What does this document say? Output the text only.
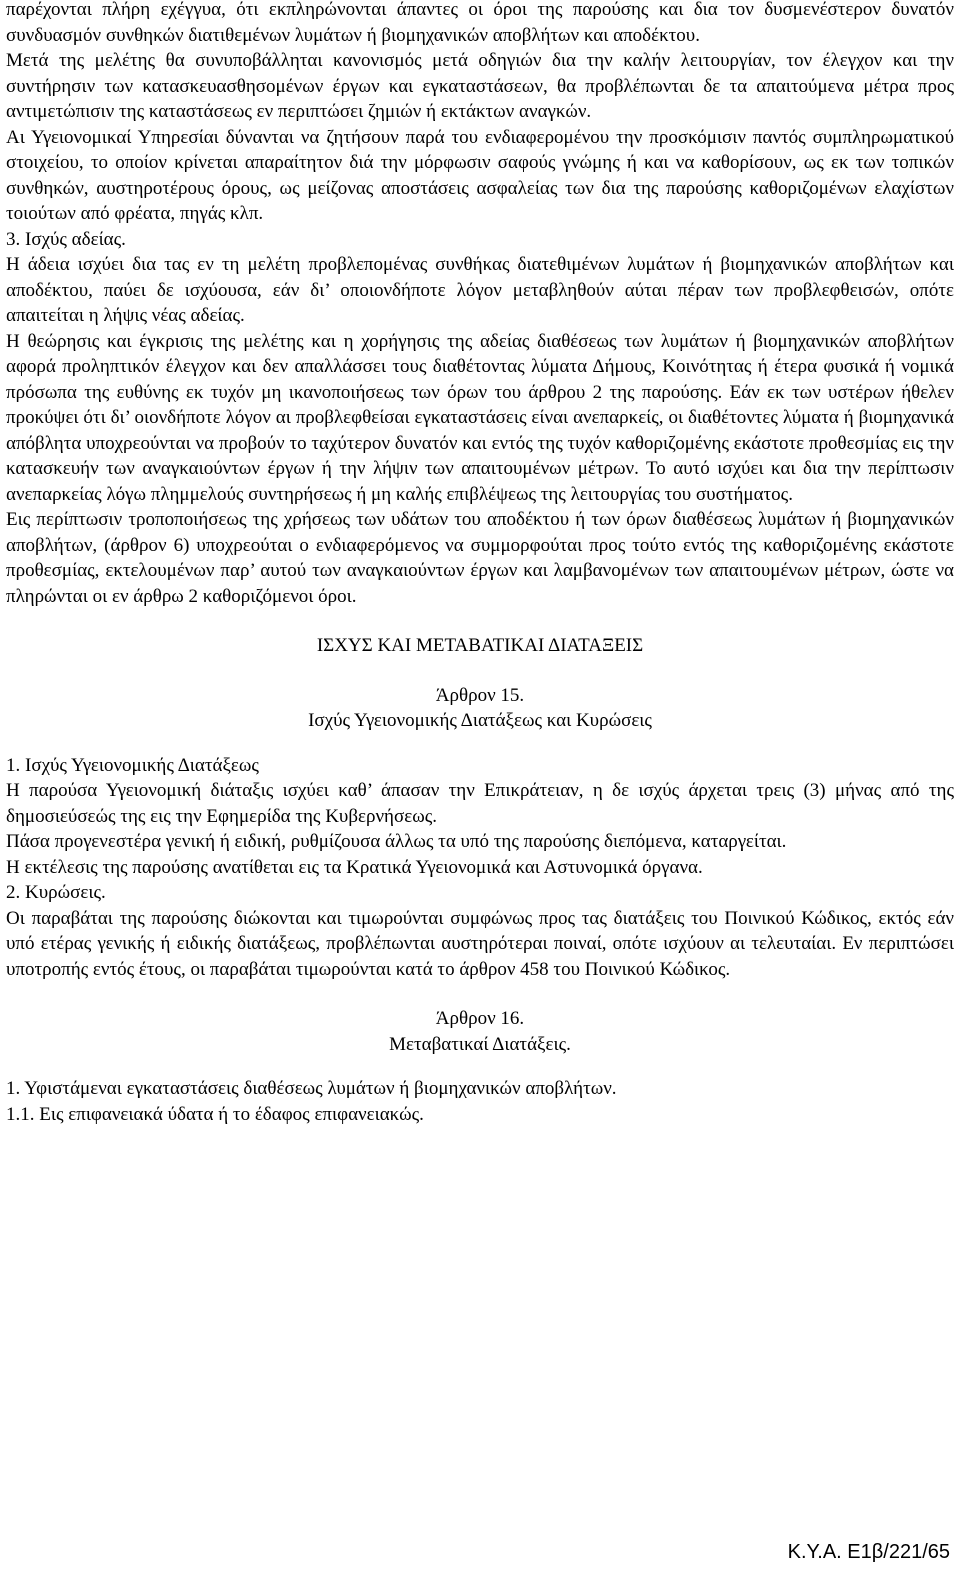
παρέχονται πλήρη εχέγγυα, ότι εκπληρώνονται άπαντες οι όροι της παρούσης και δια τον δυσμενέστερον δυνατόν συνδυασμόν συνθηκών διατιθεμένων λυμάτων ή βιομηχανικών αποβλήτων και αποδέκτου.

Μετά της μελέτης θα συνυποβάλληται κανονισμός μετά οδηγιών δια την καλήν λειτουργίαν, τον έλεγχον και την συντήρησιν των κατασκευασθησομένων έργων και εγκαταστάσεων, θα προβλέπωνται δε τα απαιτούμενα μέτρα προς αντιμετώπισιν της καταστάσεως εν περιπτώσει ζημιών ή εκτάκτων αναγκών.

Αι Υγειονομικαί Υπηρεσίαι δύνανται να ζητήσουν παρά του ενδιαφερομένου την προσκόμισιν παντός συμπληρωματικού στοιχείου, το οποίον κρίνεται απαραίτητον διά την μόρφωσιν σαφούς γνώμης ή και να καθορίσουν, ως εκ των τοπικών συνθηκών, αυστηροτέρους όρους, ως μείζονας αποστάσεις ασφαλείας των δια της παρούσης καθοριζομένων ελαχίστων τοιούτων από φρέατα, πηγάς κλπ.

3. Ισχύς αδείας.

Η άδεια ισχύει δια τας εν τη μελέτη προβλεπομένας συνθήκας διατεθιμένων λυμάτων ή βιομηχανικών αποβλήτων και αποδέκτου, παύει δε ισχύουσα, εάν δι’ οποιονδήποτε λόγον μεταβληθούν αύται πέραν των προβλεφθεισών, οπότε απαιτείται η λήψις νέας αδείας.

Η θεώρησις και έγκρισις της μελέτης και η χορήγησις της αδείας διαθέσεως των λυμάτων ή βιομηχανικών αποβλήτων αφορά προληπτικόν έλεγχον και δεν απαλλάσσει τους διαθέτοντας λύματα Δήμους, Κοινότητας ή έτερα φυσικά ή νομικά πρόσωπα της ευθύνης εκ τυχόν μη ικανοποιήσεως των όρων του άρθρου 2 της παρούσης. Εάν εκ των υστέρων ήθελεν προκύψει ότι δι’ οιονδήποτε λόγον αι προβλεφθείσαι εγκαταστάσεις είναι ανεπαρκείς, οι διαθέτοντες λύματα ή βιομηχανικά απόβλητα υποχρεούνται να προβούν το ταχύτερον δυνατόν και εντός της τυχόν καθοριζομένης εκάστοτε προθεσμίας εις την κατασκευήν των αναγκαιούντων έργων ή την λήψιν των απαιτουμένων μέτρων. Το αυτό ισχύει και δια την περίπτωσιν ανεπαρκείας λόγω πλημμελούς συντηρήσεως ή μη καλής επιβλέψεως της λειτουργίας του συστήματος.

Εις περίπτωσιν τροποποιήσεως της χρήσεως των υδάτων του αποδέκτου ή των όρων διαθέσεως λυμάτων ή βιομηχανικών αποβλήτων, (άρθρον 6) υποχρεούται ο ενδιαφερόμενος να συμμορφούται προς τούτο εντός της καθοριζομένης εκάστοτε προθεσμίας, εκτελουμένων παρ’ αυτού των αναγκαιούντων έργων και λαμβανομένων των απαιτουμένων μέτρων, ώστε να πληρώνται οι εν άρθρω 2 καθοριζόμενοι όροι.

ΙΣΧΥΣ ΚΑΙ ΜΕΤΑΒΑΤΙΚΑΙ ΔΙΑΤΑΞΕΙΣ

Άρθρον 15.

Ισχύς Υγειονομικής Διατάξεως και Κυρώσεις

1. Ισχύς Υγειονομικής Διατάξεως

Η παρούσα Υγειονομική διάταξις ισχύει καθ’ άπασαν την Επικράτειαν, η δε ισχύς άρχεται τρεις (3) μήνας από της δημοσιεύσεώς της εις την Εφημερίδα της Κυβερνήσεως.

Πάσα προγενεστέρα γενική ή ειδική, ρυθμίζουσα άλλως τα υπό της παρούσης διεπόμενα, καταργείται.

Η εκτέλεσις της παρούσης ανατίθεται εις τα Κρατικά Υγειονομικά και Αστυνομικά όργανα.

2. Κυρώσεις.

Οι παραβάται της παρούσης διώκονται και τιμωρούνται συμφώνως προς τας διατάξεις του Ποινικού Κώδικος, εκτός εάν υπό ετέρας γενικής ή ειδικής διατάξεως, προβλέπωνται αυστηρότεραι ποιναί, οπότε ισχύουν αι τελευταίαι. Εν περιπτώσει υποτροπής εντός έτους, οι παραβάται τιμωρούνται κατά το άρθρον 458 του Ποινικού Κώδικος.

Άρθρον 16.

Μεταβατικαί Διατάξεις.

1. Υφιστάμεναι εγκαταστάσεις διαθέσεως λυμάτων ή βιομηχανικών αποβλήτων.

1.1. Εις επιφανειακά ύδατα ή το έδαφος επιφανειακώς.

Κ.Υ.Α. Ε1β/221/65
